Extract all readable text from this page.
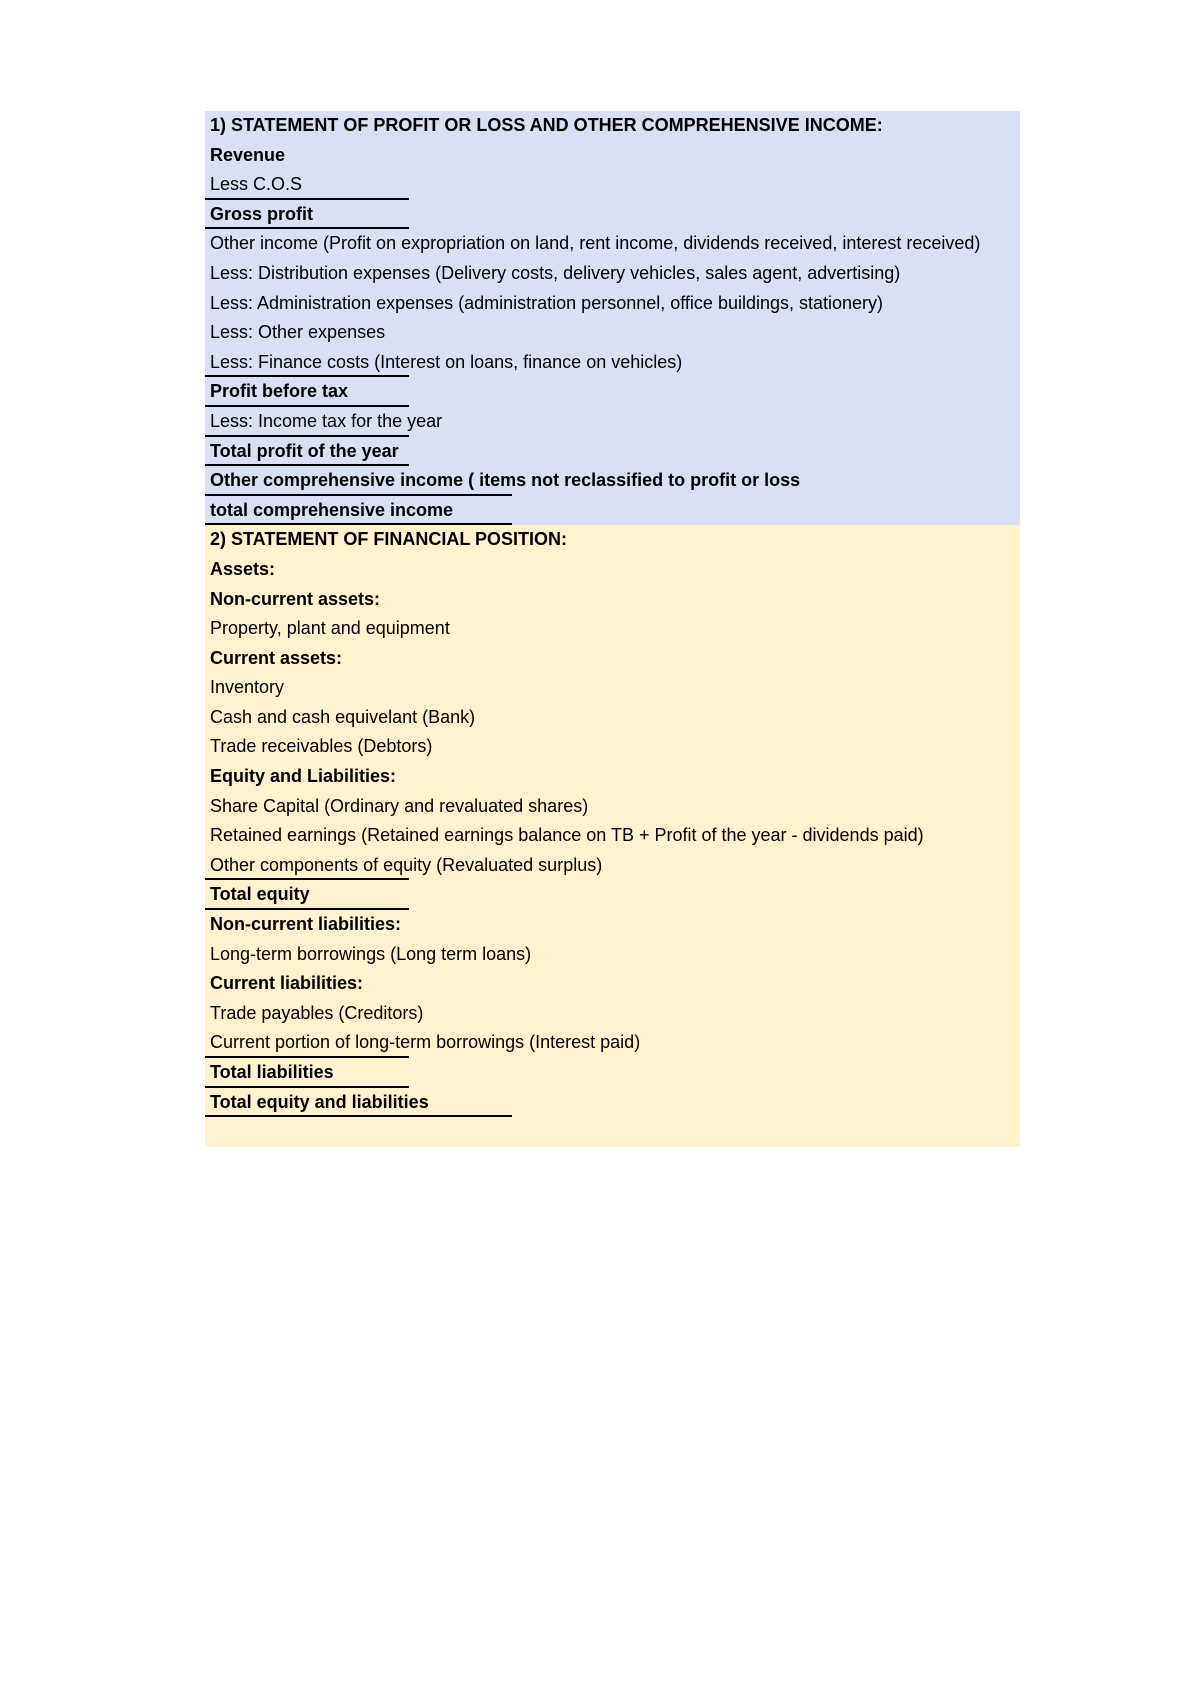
1) STATEMENT OF PROFIT OR LOSS AND OTHER COMPREHENSIVE INCOME:
Revenue
Less C.O.S
Gross profit
Other income (Profit on expropriation on land, rent income, dividends received, interest received)
Less: Distribution expenses (Delivery costs, delivery vehicles, sales agent, advertising)
Less: Administration expenses (administration personnel, office buildings, stationery)
Less: Other expenses
Less: Finance costs (Interest on loans, finance on vehicles)
Profit before tax
Less: Income tax for the year
Total profit of the year
Other comprehensive income ( items not reclassified to profit or loss
total comprehensive income
2) STATEMENT OF FINANCIAL POSITION:
Assets:
Non-current assets:
Property, plant and equipment
Current assets:
Inventory
Cash and cash equivelant (Bank)
Trade receivables (Debtors)
Equity and Liabilities:
Share Capital (Ordinary and revaluated shares)
Retained earnings (Retained earnings balance on TB + Profit of the year - dividends paid)
Other components of equity (Revaluated surplus)
Total equity
Non-current liabilities:
Long-term borrowings (Long term loans)
Current liabilities:
Trade payables (Creditors)
Current portion of long-term borrowings (Interest paid)
Total liabilities
Total equity and liabilities
